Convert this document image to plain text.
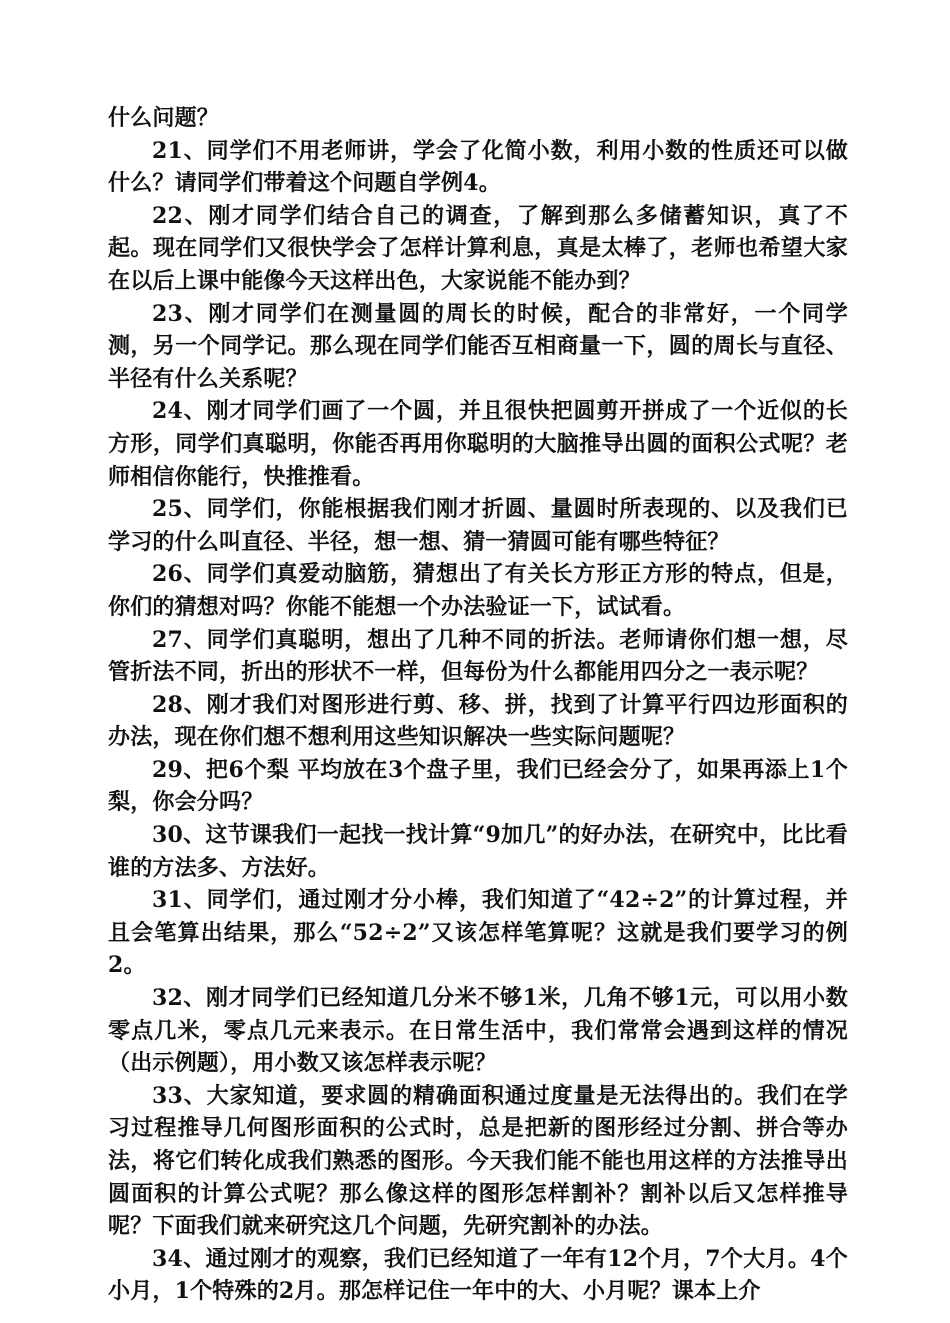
什么问题？

21、同学们不用老师讲，学会了化简小数，利用小数的性质还可以做什么？请同学们带着这个问题自学例4。

22、刚才同学们结合自己的调查，了解到那么多储蓄知识，真了不起。现在同学们又很快学会了怎样计算利息，真是太棒了，老师也希望大家在以后上课中能像今天这样出色，大家说能不能办到？

23、刚才同学们在测量圆的周长的时候，配合的非常好，一个同学测，另一个同学记。那么现在同学们能否互相商量一下，圆的周长与直径、半径有什么关系呢？

24、刚才同学们画了一个圆，并且很快把圆剪开拼成了一个近似的长方形，同学们真聪明，你能否再用你聪明的大脑推导出圆的面积公式呢？老师相信你能行，快推推看。

25、同学们，你能根据我们刚才折圆、量圆时所表现的、以及我们已学习的什么叫直径、半径，想一想、猜一猜圆可能有哪些特征？

26、同学们真爱动脑筋，猜想出了有关长方形正方形的特点，但是，你们的猜想对吗？你能不能想一个办法验证一下，试试看。

27、同学们真聪明，想出了几种不同的折法。老师请你们想一想，尽管折法不同，折出的形状不一样，但每份为什么都能用四分之一表示呢？

28、刚才我们对图形进行剪、移、拼，找到了计算平行四边形面积的办法，现在你们想不想利用这些知识解决一些实际问题呢？

29、把6个梨 平均放在3个盘子里，我们已经会分了，如果再添上1个梨，你会分吗？

30、这节课我们一起找一找计算“9加几”的好办法，在研究中，比比看谁的方法多、方法好。

31、同学们，通过刚才分小棒，我们知道了“42÷2”的计算过程，并且会笔算出结果，那么“52÷2”又该怎样笔算呢？这就是我们要学习的例2。

32、刚才同学们已经知道几分米不够1米，几角不够1元，可以用小数零点几米，零点几元来表示。在日常生活中，我们常常会遇到这样的情况（出示例题），用小数又该怎样表示呢？

33、大家知道，要求圆的精确面积通过度量是无法得出的。我们在学习过程推导几何图形面积的公式时，总是把新的图形经过分割、拼合等办法，将它们转化成我们熟悉的图形。今天我们能不能也用这样的方法推导出圆面积的计算公式呢？那么像这样的图形怎样割补？割补以后又怎样推导呢？下面我们就来研究这几个问题，先研究割补的办法。

34、通过刚才的观察，我们已经知道了一年有12个月，7个大月。4个小月，1个特殊的2月。那怎样记住一年中的大、小月呢？课本上介
